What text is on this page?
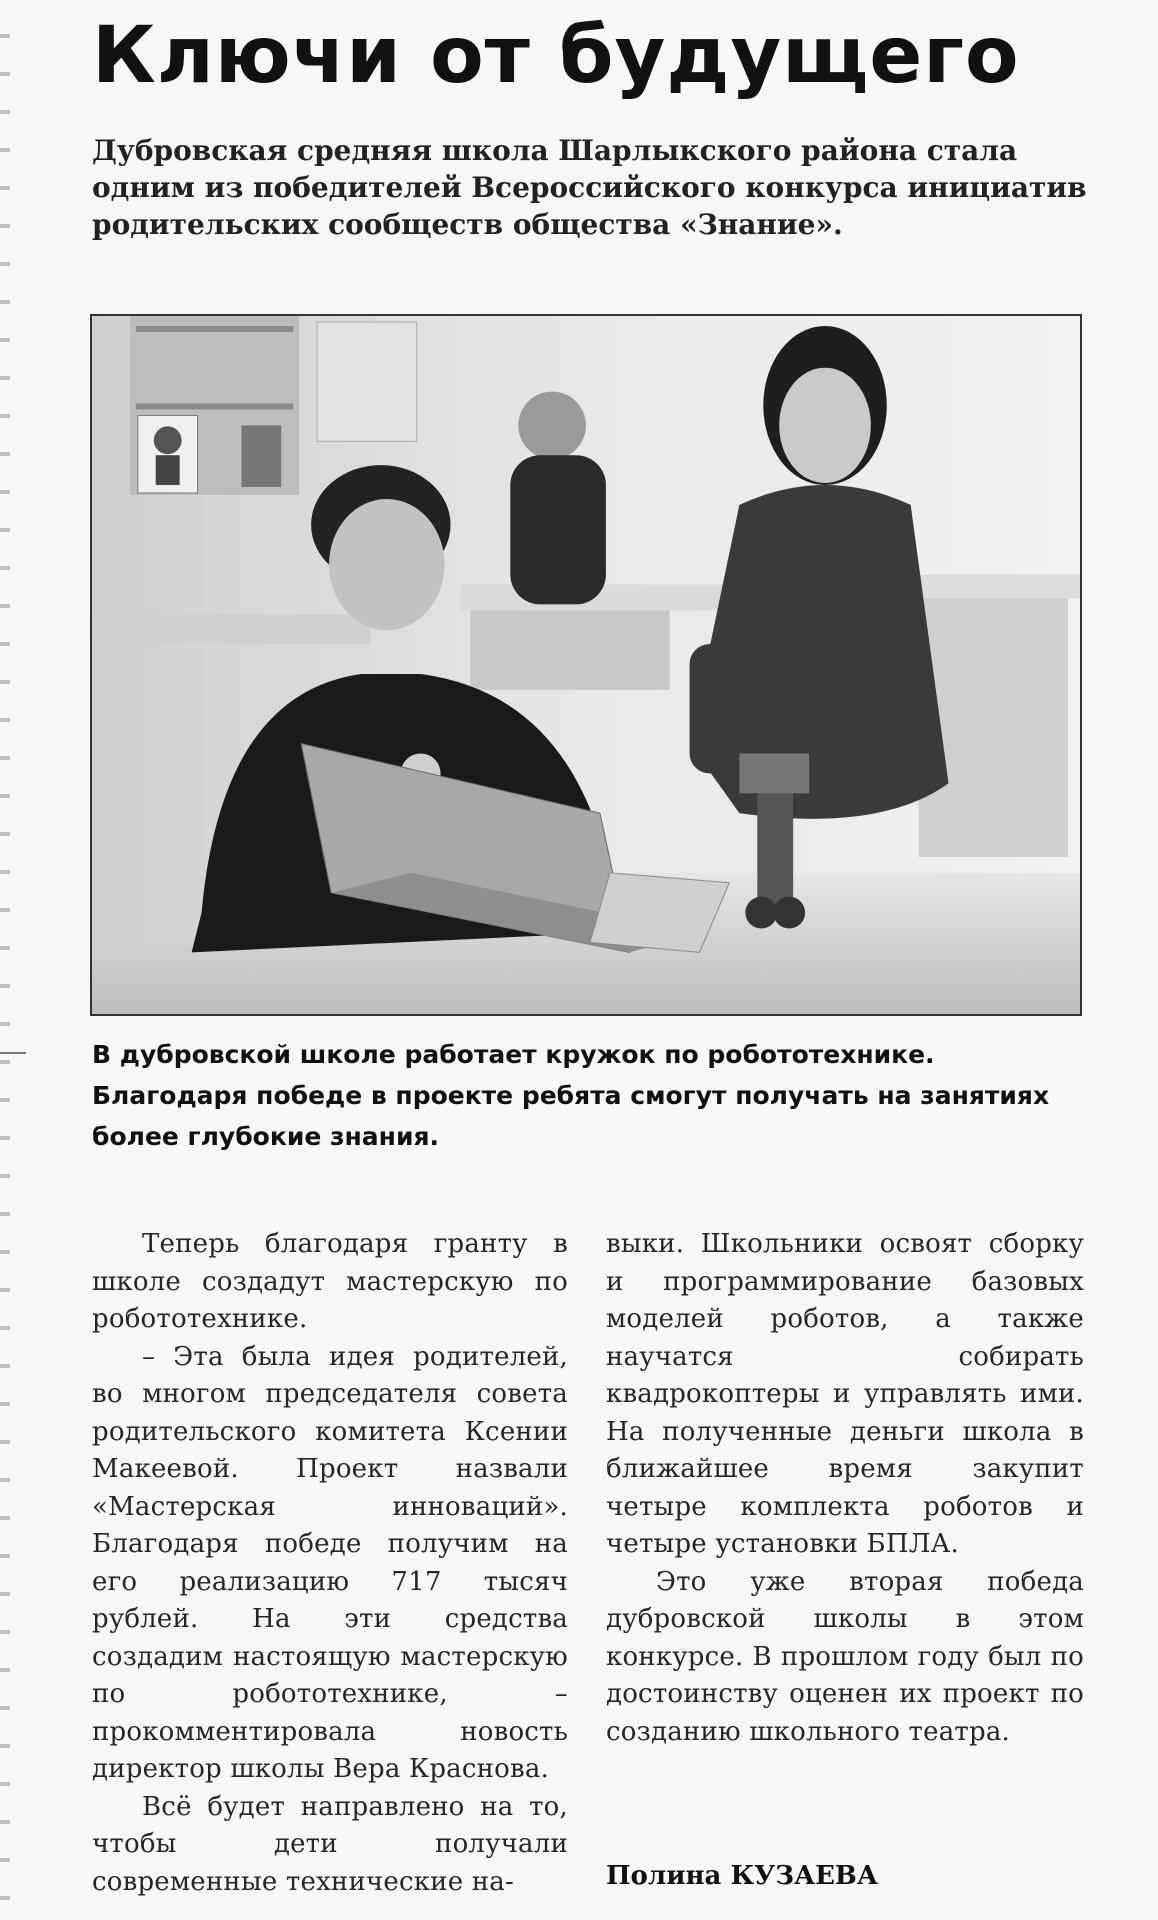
Ключи от будущего
Дубровская средняя школа Шарлыкского района стала одним из победителей Всероссийского конкурса инициатив родительских сообществ общества «Знание».
В дубровской школе работает кружок по робототехнике. Благодаря победе в проекте ребята смогут получать на занятиях более глубокие знания.

Теперь благодаря гранту в школе создадут мастерскую по робототехнике.

– Эта была идея родителей, во многом председателя совета родительского комитета Ксении Макеевой. Проект назвали «Мастерская инноваций». Благодаря победе получим на его реализацию 717 тысяч рублей. На эти средства создадим настоящую мастерскую по робототехнике, – прокомментировала новость директор школы Вера Краснова.

Всё будет направлено на то, чтобы дети получали современные технические на-

выки. Школьники освоят сборку и программирование базовых моделей роботов, а также научатся собирать квадрокоптеры и управлять ими. На полученные деньги школа в ближайшее время закупит четыре комплекта роботов и четыре установки БПЛА.

Это уже вторая победа дубровской школы в этом конкурсе. В прошлом году был по достоинству оценен их проект по созданию школьного театра.

Полина КУЗАЕВА
